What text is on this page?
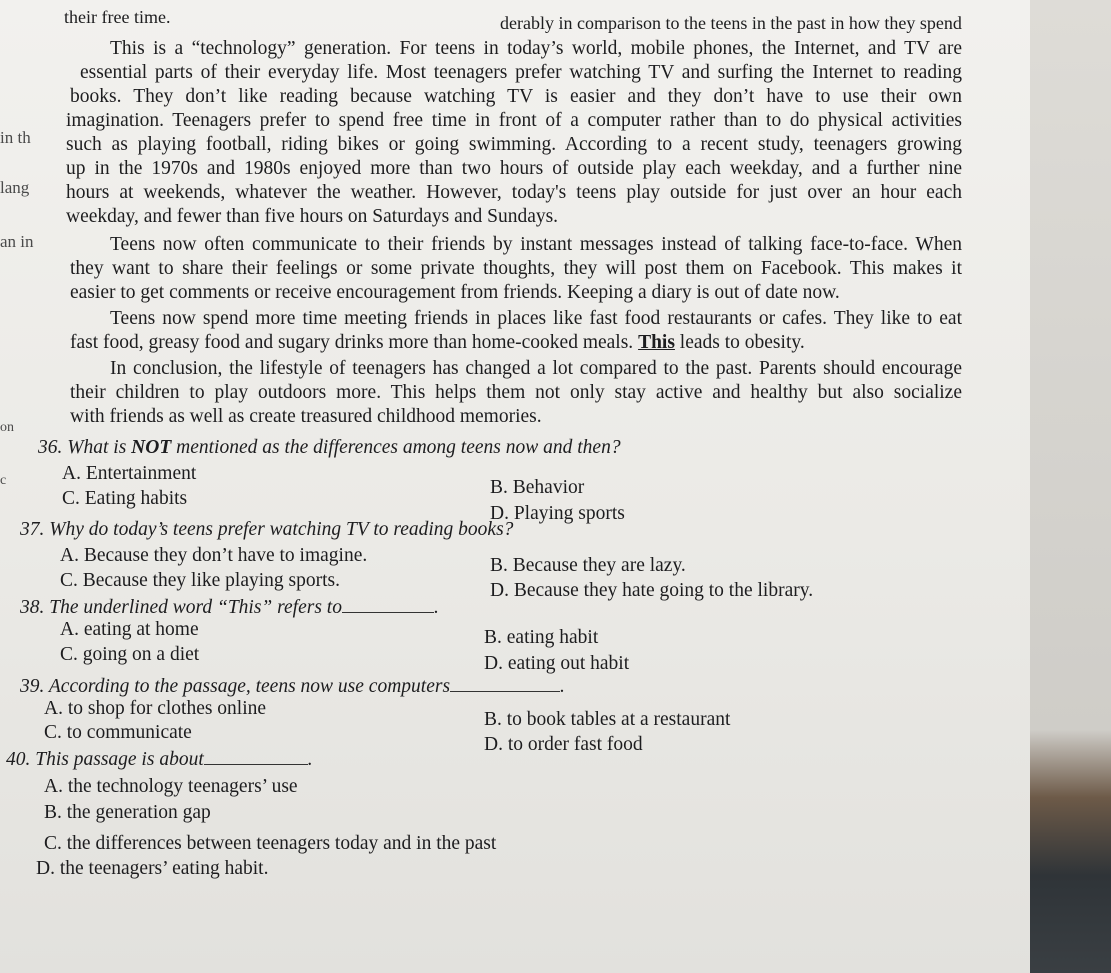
their free time.	derably in comparison to the teens in the past in how they spend
in th
lang
an in
on
c
This is a “technology” generation. For teens in today’s world, mobile phones, the Internet, and TV are
essential parts of their everyday life. Most teenagers prefer watching TV and surfing the Internet to reading
books. They don’t like reading because watching TV is easier and they don’t have to use their own
imagination. Teenagers prefer to spend free time in front of a computer rather than to do physical activities
such as playing football, riding bikes or going swimming. According to a recent study, teenagers growing
up in the 1970s and 1980s enjoyed more than two hours of outside play each weekday, and a further nine
hours at weekends, whatever the weather. However, today's teens play outside for just over an hour each
weekday, and fewer than five hours on Saturdays and Sundays.
Teens now often communicate to their friends by instant messages instead of talking face-to-face. When
they want to share their feelings or some private thoughts, they will post them on Facebook. This makes it
easier to get comments or receive encouragement from friends. Keeping a diary is out of date now.
Teens now spend more time meeting friends in places like fast food restaurants or cafes. They like to eat
fast food, greasy food and sugary drinks more than home-cooked meals. This leads to obesity.
In conclusion, the lifestyle of teenagers has changed a lot compared to the past. Parents should encourage
their children to play outdoors more. This helps them not only stay active and healthy but also socialize
with friends as well as create treasured childhood memories.
36. What is NOT mentioned as the differences among teens now and then?
A. Entertainment
B. Behavior
C. Eating habits
D. Playing sports
37. Why do today’s teens prefer watching TV to reading books?
A. Because they don’t have to imagine.	B. Because they are lazy.
C. Because they like playing sports.	D. Because they hate going to the library.
38. The underlined word “This” refers to	.
A. eating at home	B. eating habit
C. going on a diet	D. eating out habit
39. According to the passage, teens now use computers	.
A. to shop for clothes online
B. to book tables at a restaurant
C. to communicate
D. to order fast food
40. This passage is about	.
A. the technology teenagers’ use
B. the generation gap
C. the differences between teenagers today and in the past
D. the teenagers’ eating habit.
